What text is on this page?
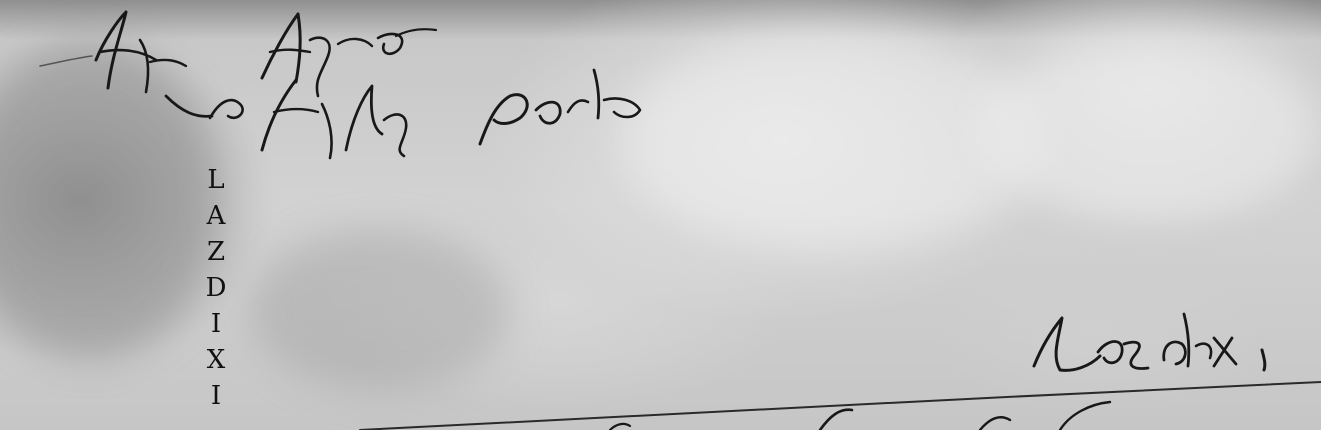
L
A
Z
D
I
X
I
